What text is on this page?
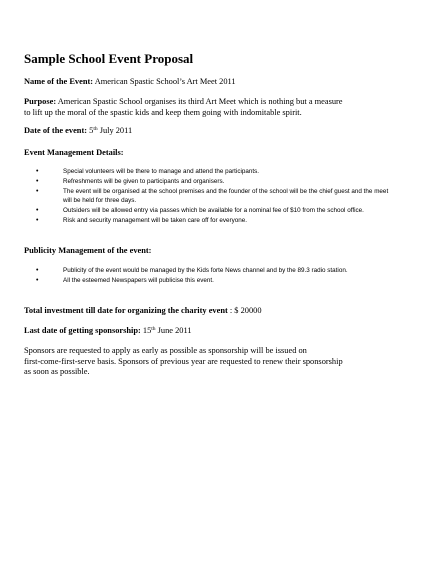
Sample School Event Proposal
Name of the Event: American Spastic School’s Art Meet 2011
Purpose: American Spastic School organises its third Art Meet which is nothing but a measure
to lift up the moral of the spastic kids and keep them going with indomitable spirit.
Date of the event: 5th July 2011
Event Management Details:
•	Special volunteers will be there to manage and attend the participants.
•	Refreshments will be given to participants and organisers.
•	The event will be organised at the school premises and the founder of the school will be the chief guest and the meet will be held for three days.
•	Outsiders will be allowed entry via passes which be available for a nominal fee of $10 from the school office.
•	Risk and security management will be taken care off for everyone.
Publicity Management of the event:
•	Publicity of the event would be managed by the Kids forte News channel and by the 89.3 radio station.
•	All the esteemed Newspapers will publicise this event.
Total investment till date for organizing the charity event : $ 20000
Last date of getting sponsorship: 15th June 2011
Sponsors are requested to apply as early as possible as sponsorship will be issued on
first-come-first-serve basis. Sponsors of previous year are requested to renew their sponsorship
as soon as possible.
